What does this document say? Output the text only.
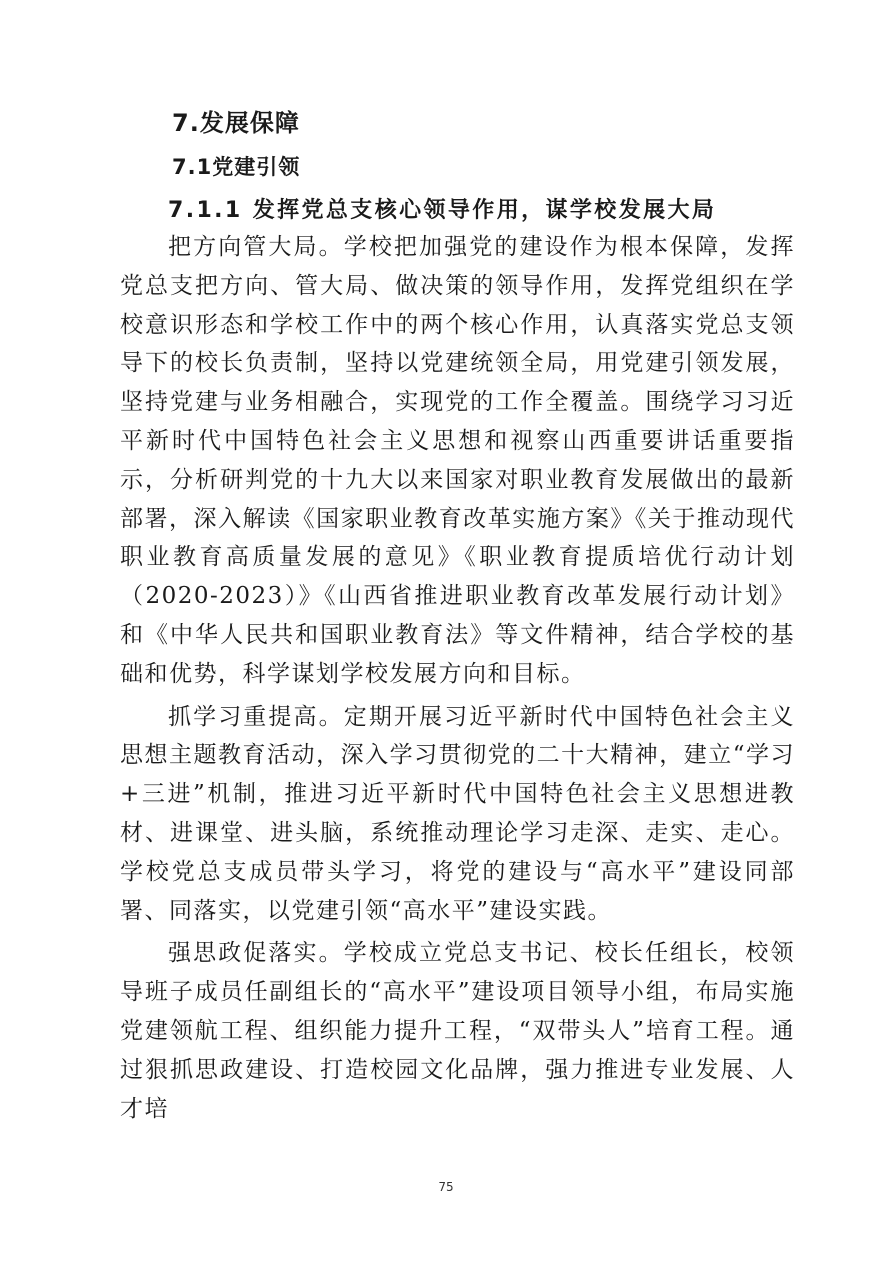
7.发展保障
7.1党建引领
7.1.1 发挥党总支核心领导作用，谋学校发展大局

把方向管大局。学校把加强党的建设作为根本保障，发挥党总支把方向、管大局、做决策的领导作用，发挥党组织在学校意识形态和学校工作中的两个核心作用，认真落实党总支领导下的校长负责制，坚持以党建统领全局，用党建引领发展，坚持党建与业务相融合，实现党的工作全覆盖。围绕学习习近平新时代中国特色社会主义思想和视察山西重要讲话重要指示，分析研判党的十九大以来国家对职业教育发展做出的最新部署，深入解读《国家职业教育改革实施方案》《关于推动现代职业教育高质量发展的意见》《职业教育提质培优行动计划（2020-2023）》《山西省推进职业教育改革发展行动计划》和《中华人民共和国职业教育法》等文件精神，结合学校的基础和优势，科学谋划学校发展方向和目标。

抓学习重提高。定期开展习近平新时代中国特色社会主义思想主题教育活动，深入学习贯彻党的二十大精神，建立“学习+三进”机制，推进习近平新时代中国特色社会主义思想进教材、进课堂、进头脑，系统推动理论学习走深、走实、走心。学校党总支成员带头学习，将党的建设与“高水平”建设同部署、同落实，以党建引领“高水平”建设实践。

强思政促落实。学校成立党总支书记、校长任组长，校领导班子成员任副组长的“高水平”建设项目领导小组，布局实施党建领航工程、组织能力提升工程，“双带头人”培育工程。通过狠抓思政建设、打造校园文化品牌，强力推进专业发展、人才培

75
